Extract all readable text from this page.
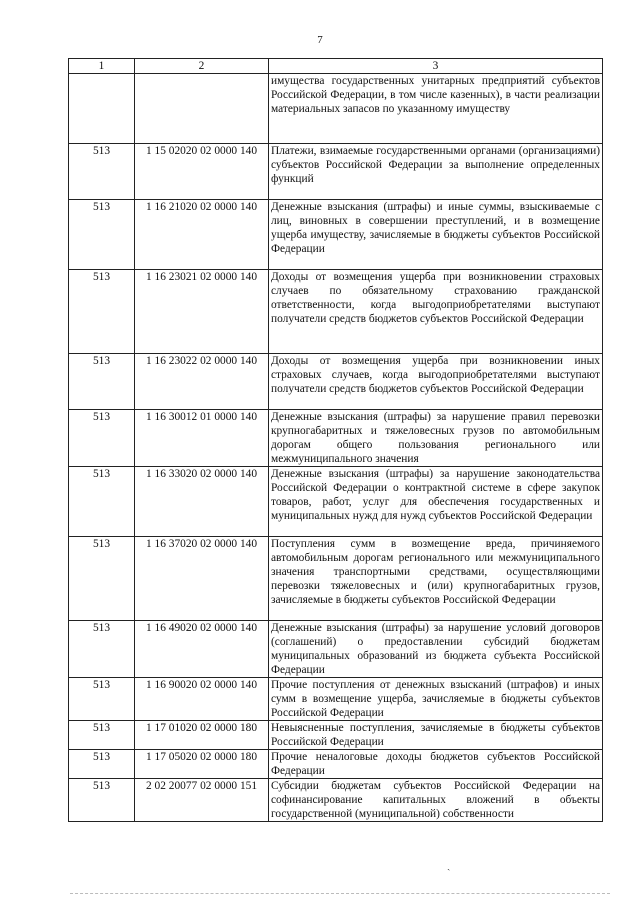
7
1	2	3
		имущества государственных унитарных предприятий субъектов Российской Федерации, в том числе казенных), в части реализации материальных запасов по указанному имуществу
513	1 15 02020 02 0000 140	Платежи, взимаемые государственными органами (организациями) субъектов Российской Федерации за выполнение определенных функций
513	1 16 21020 02 0000 140	Денежные взыскания (штрафы) и иные суммы, взыскиваемые с лиц, виновных в совершении преступлений, и в возмещение ущерба имуществу, зачисляемые в бюджеты субъектов Российской Федерации
513	1 16 23021 02 0000 140	Доходы от возмещения ущерба при возникновении страховых случаев по обязательному страхованию гражданской ответственности, когда выгодоприобретателями выступают получатели средств бюджетов субъектов Российской Федерации
513	1 16 23022 02 0000 140	Доходы от возмещения ущерба при возникновении иных страховых случаев, когда выгодоприобретателями выступают получатели средств бюджетов субъектов Российской Федерации
513	1 16 30012 01 0000 140	Денежные взыскания (штрафы) за нарушение правил перевозки крупногабаритных и тяжеловесных грузов по автомобильным дорогам общего пользования регионального или межмуниципального значения
513	1 16 33020 02 0000 140	Денежные взыскания (штрафы) за нарушение законодательства Российской Федерации о контрактной системе в сфере закупок товаров, работ, услуг для обеспечения государственных и муниципальных нужд для нужд субъектов Российской Федерации
513	1 16 37020 02 0000 140	Поступления сумм в возмещение вреда, причиняемого автомобильным дорогам регионального или межмуниципального значения транспортными средствами, осуществляющими перевозки тяжеловесных и (или) крупногабаритных грузов, зачисляемые в бюджеты субъектов Российской Федерации
513	1 16 49020 02 0000 140	Денежные взыскания (штрафы) за нарушение условий договоров (соглашений) о предоставлении субсидий бюджетам муниципальных образований из бюджета субъекта Российской Федерации
513	1 16 90020 02 0000 140	Прочие поступления от денежных взысканий (штрафов) и иных сумм в возмещение ущерба, зачисляемые в бюджеты субъектов Российской Федерации
513	1 17 01020 02 0000 180	Невыясненные поступления, зачисляемые в бюджеты субъектов Российской Федерации
513	1 17 05020 02 0000 180	Прочие неналоговые доходы бюджетов субъектов Российской Федерации
513	2 02 20077 02 0000 151	Субсидии бюджетам субъектов Российской Федерации на софинансирование капитальных вложений в объекты государственной (муниципальной) собственности
ˎ
